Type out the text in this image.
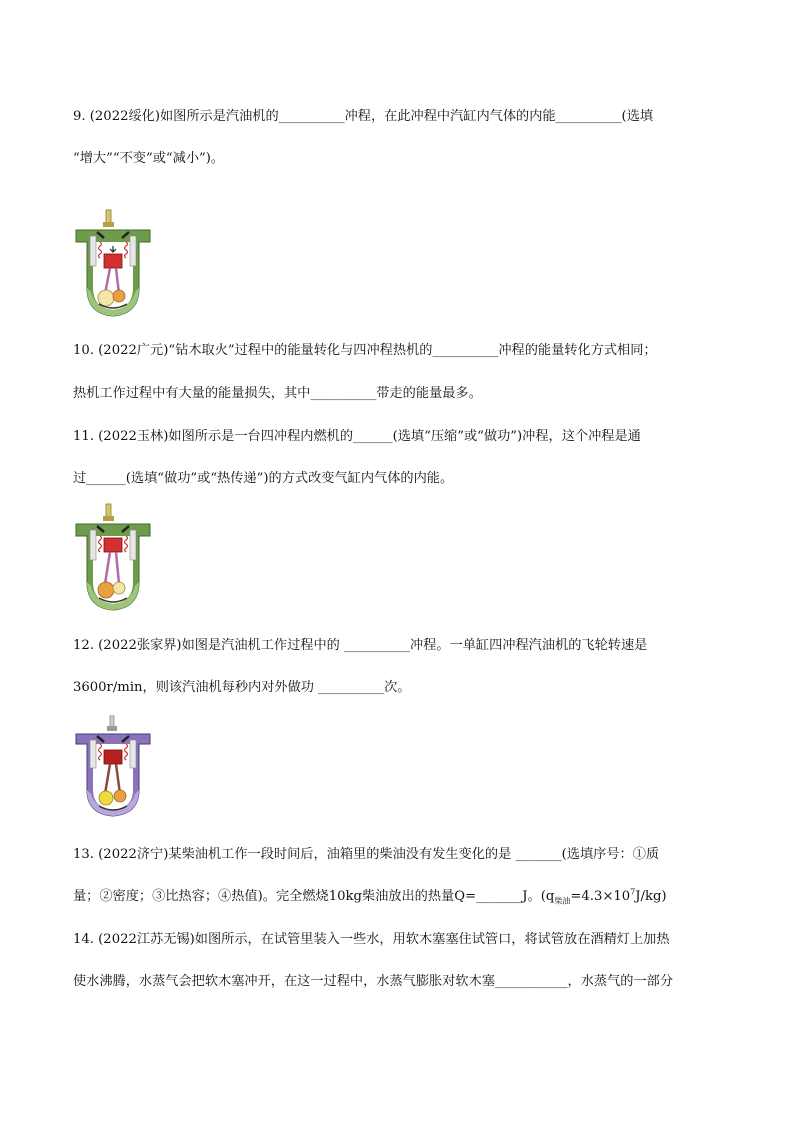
9. (2022绥化)如图所示是汽油机的__________冲程，在此冲程中汽缸内气体的内能__________(选填
“增大”“不变”或“减小”)。
10. (2022广元)“钻木取火”过程中的能量转化与四冲程热机的__________冲程的能量转化方式相同；
热机工作过程中有大量的能量损失，其中__________带走的能量最多。
11. (2022玉林)如图所示是一台四冲程内燃机的______(选填“压缩”或“做功”)冲程，这个冲程是通
过______(选填“做功”或“热传递”)的方式改变气缸内气体的内能。
12. (2022张家界)如图是汽油机工作过程中的 __________冲程。一单缸四冲程汽油机的飞轮转速是
3600r/min，则该汽油机每秒内对外做功 __________次。
13. (2022济宁)某柴油机工作一段时间后，油箱里的柴油没有发生变化的是 _______(选填序号：①质
量；②密度；③比热容；④热值)。完全燃烧10kg柴油放出的热量Q=_______J。$(q_{柴油}=4.3\times 10^7J/kg)$
14. (2022江苏无锡)如图所示，在试管里装入一些水，用软木塞塞住试管口，将试管放在酒精灯上加热
使水沸腾，水蒸气会把软木塞冲开，在这一过程中，水蒸气膨胀对软木塞___________，水蒸气的一部分
